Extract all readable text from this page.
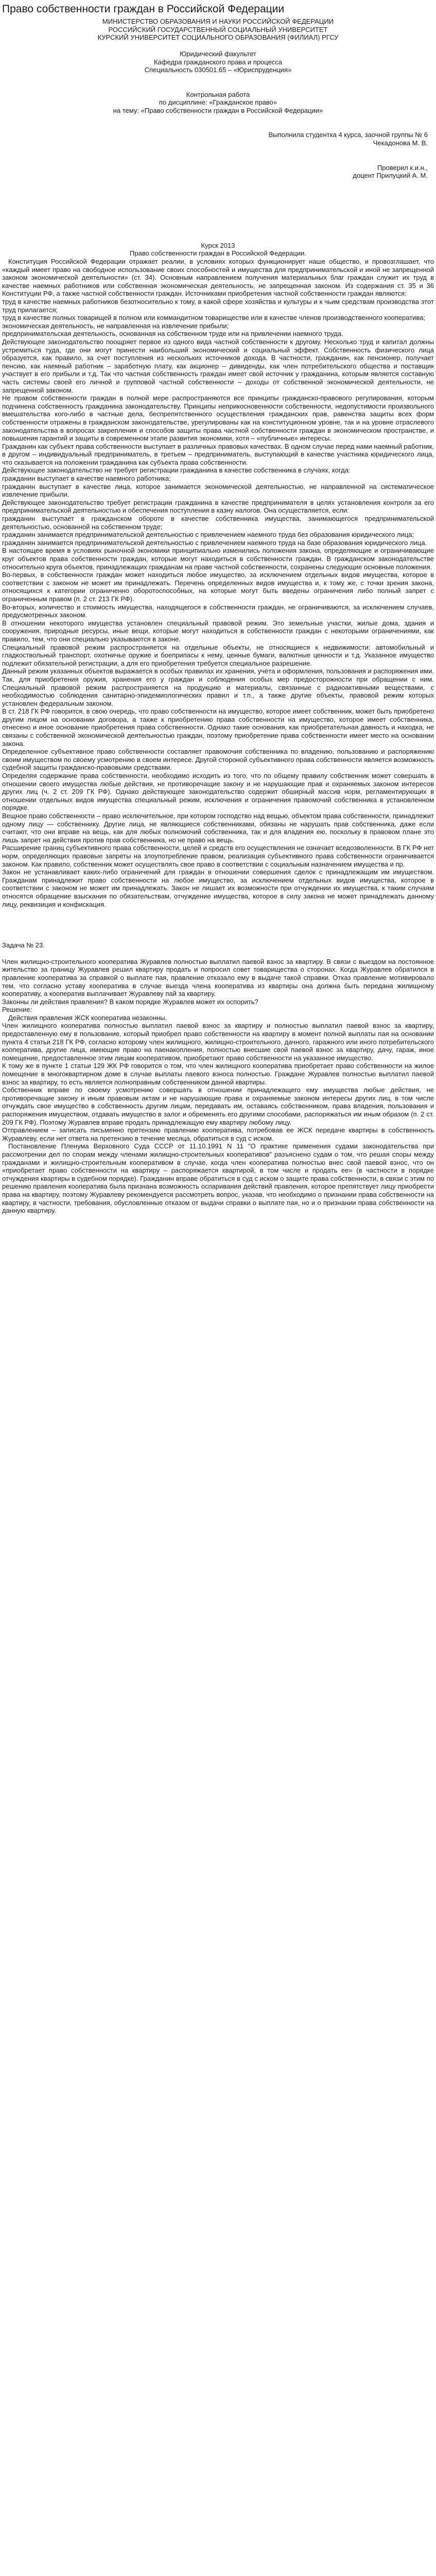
Право собственности граждан в Российской Федерации

МИНИСТЕРСТВО ОБРАЗОВАНИЯ И НАУКИ РОССИЙСКОЙ ФЕДЕРАЦИИ

РОССИЙСКИЙ ГОСУДАРСТВЕННЫЙ СОЦИАЛЬНЫЙ УНИВЕРСИТЕТ

КУРСКИЙ УНИВЕРСИТЕТ СОЦИАЛЬНОГО ОБРАЗОВАНИЯ (ФИЛИАЛ) РГСУ

Юридический факультет

Кафедра гражданского права и процесса

Специальность 030501.65 – «Юриспруденция»

Контрольная работа

по дисциплине: «Гражданское право»

на тему: «Право собственности граждан в Российской Федерации»

Выполнила студентка 4 курса, заочной группы № 6

Чекадонова М. В.

Проверил к.и.н.,

доцент Прилуцкий А. М.

Курск 2013

Право собственности граждан в Российской Федерации.

Конституция Российской Федерации отражает реалии, в условиях которых функционирует наше общество, и провозглашает, что «каждый имеет право на свободное использование своих способностей и имущества для предпринимательской и иной не запрещенной законом экономической деятельности» (ст. 34). Основным направлением получения материальных благ граждан служит их труд в качестве наемных работников или собственная экономическая деятельность, не запрещенная законом. Из содержания ст. 35 и 36 Конституции РФ, а также частной собственности граждан. Источниками приобретения частной собственности граждан являются:

труд в качестве наемных работников безотносительно к тому, в какой сфере хозяйства и культуры и к чьим средствам производства этот труд прилагается;

труд в качестве полных товарищей в полном или коммандитном товариществе или в качестве членов производственного кооператива;

экономическая деятельность, не направленная на извлечение прибыли;

предпринимательская деятельность, основанная на собственном труде или на привлечении наемного труда.

Действующее законодательство поощряет первое из одного вида частной собственности к другому. Несколько труд и капитал должны устремиться туда, где они могут принести наибольший экономический и социальный эффект. Собственность физического лица образуется, как правило, за счет поступления из нескольких источников дохода. В частности, гражданин, как пенсионер, получает пенсию, как наемный работник – заработную плату, как акционер – дивиденды, как член потребительского общества и поставщик участвует в его прибыли и т.д. Так что частная собственность граждан имеет свой источник у гражданина, которым является составную часть системы своей его личной и групповой частной собственности – доходы от собственной экономической деятельности, не запрещенной законом.

Не правом собственности граждан в полной мере распространяются все принципы гражданско-правового регулирования, которым подчинена собственность гражданина законодательству. Принципы неприкосновенности собственности, недопустимости произвольного вмешательства кого-либо в частные дела, беспрепятственного осуществления гражданских прав, равенства защиты всех форм собственности отражены в гражданском законодательстве, урегулированы как на конституционном уровне, так и на уровне отраслевого законодательства в вопросах закрепления и способов защиты права частной собственности граждан в экономическом пространстве, и повышения гарантий и защиты в современном этапе развития экономики, хотя – «публичные» интересы.

Гражданин как субъект права собственности выступает в различных правовых качествах. В одном случае перед нами наемный работник, в другом – индивидуальный предприниматель, в третьем – предприниматель, выступающий в качестве участника юридического лица, что сказывается на положении гражданина как субъекта права собственности.

Действующее законодательство не требует регистрации гражданина в качестве собственника в случаях, когда:

гражданин выступает в качестве наемного работника;

гражданин выступает в качестве лица, которое занимается экономической деятельностью, не направленной на систематическое извлечение прибыли.

Действующее законодательство требует регистрации гражданина в качестве предпринимателя в целях установления контроля за его предпринимательской деятельностью и обеспечения поступления в казну налогов. Она осуществляется, если:

гражданин выступает в гражданском обороте в качестве собственника имущества, занимающегося предпринимательской деятельностью, основанной на собственном труде;

гражданин занимается предпринимательской деятельностью с привлечением наемного труда без образования юридического лица;

гражданин занимается предпринимательской деятельностью с привлечением наемного труда на базе образования юридического лица.

В настоящее время в условиях рыночной экономики принципиально изменились положения закона, определяющие и ограничивающие круг объектов права собственности граждан, которые могут находиться в собственности граждан. В гражданском законодательстве относительно круга объектов, принадлежащих гражданам на праве частной собственности, сохранены следующие основные положения.

Во-первых, в собственности граждан может находиться любое имущество, за исключением отдельных видов имущества, которое в соответствии с законом не может им принадлежать. Перечень определенных видов имущества и, к тому же, с точки зрения закона, относящихся к категории ограниченно оборотоспособных, на которые могут быть введены ограничения либо полный запрет с ограниченным правом (п. 2 ст. 213 ГК РФ).

Во-вторых, количество и стоимость имущества, находящегося в собственности граждан, не ограничиваются, за исключением случаев, предусмотренных законом.

В отношении некоторого имущества установлен специальный правовой режим. Это земельные участки, жилые дома, здания и сооружения, природные ресурсы, иные вещи, которые могут находиться в собственности граждан с некоторыми ограничениями, как правило, тем, что они специально указываются в законе.

Специальный правовой режим распространяется на отдельные объекты, не относящиеся к недвижимости: автомобильный и гладкоствольный транспорт, охотничье оружие и боеприпасы к нему, ценные бумаги, валютные ценности и т.д. Указанное имущество подлежит обязательной регистрации, а для его приобретения требуется специальное разрешение.

Данный режим указанных объектов выражается в особых правилах их хранения, учёта и оформления, пользования и распоряжения ими. Так, для приобретения оружия, хранения его у граждан и соблюдения особых мер предосторожности при обращении с ним. Специальный правовой режим распространяется на продукцию и материалы, связанные с радиоактивными веществами, с необходимостью соблюдения санитарно-эпидемиологических правил и т.п., а также другие объекты, правовой режим которых установлен федеральным законом.

В ст. 218 ГК РФ говорится, в свою очередь, что право собственности на имущество, которое имеет собственник, может быть приобретено другим лицом на основании договора, а также к приобретению права собственности на имущество, которое имеет собственника, отнесено и иное основание приобретения права собственности. Однако такие основания, как приобретательная давность и находка, не связаны с собственной экономической деятельностью граждан, поэтому приобретение права собственности имеет место на основании закона.

Определенное субъективное право собственности составляет правомочия собственника по владению, пользованию и распоряжению своим имуществом по своему усмотрению в своем интересе. Другой стороной субъективного права собственности является возможность судебной защиты гражданско-правовыми средствами.

Определяя содержание права собственности, необходимо исходить из того, что по общему правилу собственник может совершать в отношении своего имущества любые действия, не противоречащие закону и не нарушающие прав и охраняемых законом интересов других лиц (ч. 2 ст. 209 ГК РФ). Однако действующее законодательство содержит обширный массив норм, регламентирующих в отношении отдельных видов имущества специальный режим, исключения и ограничения правомочий собственника в установленном порядке.

Вещное право собственности – право исключительное, при котором господство над вещью, объектом права собственности, принадлежит одному лицу — собственнику. Другие лица, не являющиеся собственниками, обязаны не нарушать прав собственника, даже если считают, что они вправе на вещь, как для любых полномочий собственника, так и для владения ею, поскольку в правовом плане это лишь запрет на действия против прав собственника, но не право на вещь.

Расширение границ субъективного права собственности, целей и средств его осуществления не означает вседозволенности. В ГК РФ нет норм, определяющих правовые запреты на злоупотребление правом, реализация субъективного права собственности ограничивается законом. Как правило, собственник может осуществлять свое право в соответствии с социальным назначением имущества и пр.

Закон не устанавливает каких-либо ограничений для граждан в отношении совершения сделок с принадлежащим им имуществом. Гражданам принадлежит право собственности на любое имущество, за исключением отдельных видов имущества, которое в соответствии с законом не может им принадлежать. Закон не лишает их возможности при отчуждении их имущества, к таким случаям относятся обращение взыскания по обязательствам, отчуждение имущества, которое в силу закона не может принадлежать данному лицу, реквизиция и конфискация.

Задача № 23.

Член жилищно-строительного кооператива Журавлев полностью выплатил паевой взнос за квартиру. В связи с выездом на постоянное жительство за границу Журавлев решил квартиру продать и попросил совет товарищества о сторонах. Когда Журавлев обратился в правление кооператива за справкой о выплате пая, правление отказало ему в выдаче такой справки. Отказ правление мотивировало тем, что согласно уставу кооператива в случае выезда члена кооператива из квартиры она должна быть передана жилищному кооперативу, а кооператив выплачивает Журавлеву пай за квартиру.

Законны ли действия правления? В каком порядке Журавлев может их оспорить?

Решение:

Действия правления ЖСК кооператива незаконны.

Член жилищного кооператива полностью выплатил паевой взнос за квартиру и полностью выплатил паевой взнос за квартиру, предоставленную ему в пользование, который приобрел право собственности на квартиру в момент полной выплаты пая на основании пункта 4 статьи 218 ГК РФ, согласно которому член жилищного, жилищно-строительного, дачного, гаражного или иного потребительского кооператива, другие лица, имеющие право на паенакопления, полностью внесшие свой паевой взнос за квартиру, дачу, гараж, иное помещение, предоставленное этим лицам кооперативом, приобретают право собственности на указанное имущество.

К тому же в пункте 1 статьи 129 ЖК РФ говорится о том, что член жилищного кооператива приобретает право собственности на жилое помещение в многоквартирном доме в случае выплаты паевого взноса полностью. Граждане Журавлев полностью выплатил паевой взнос за квартиру, то есть является полноправным собственником данной квартиры.

Собственник вправе по своему усмотрению совершать в отношении принадлежащего ему имущества любые действия, не противоречащие закону и иным правовым актам и не нарушающие права и охраняемые законом интересы других лиц, в том числе отчуждать свое имущество в собственность другим лицам, передавать им, оставаясь собственником, права владения, пользования и распоряжения имуществом, отдавать имущество в залог и обременять его другими способами, распоряжаться им иным образом (п. 2 ст. 209 ГК РФ). Поэтому Журавлев вправе продать принадлежащую ему квартиру любому лицу.

Отправлением – записать письменно претензию правлению кооператива, потребовав ее ЖСК передаче квартиры в собственность Журавлеву, если нет ответа на претензию в течение месяца, обратиться в суд с иском.

Постановление Пленума Верховного Суда СССР от 11.10.1991 N 11 "О практике применения судами законодательства при рассмотрении дел по спорам между членами жилищно-строительных кооперативов" разъяснено судам о том, что решая споры между гражданами и жилищно-строительным кооперативом в случае, когда член кооператива полностью внес свой паевой взнос, что он «приобретает право собственности на квартиру – распоряжается квартирой, в том числе и продать ее» (в частности в порядке отчуждения квартиры в судебном порядке). Гражданин вправе обратиться в суд с иском о защите права собственности, в связи с этим по решению правления кооператива была признана возможность оспаривания действий правления, которое препятствует лицу приобрести права на квартиру, поэтому Журавлеву рекомендуется рассмотреть вопрос, указав, что необходимо о признании права собственности на квартиру, в частности, требования, обусловленные отказом от выдачи справки о выплате пая, но и о признании права собственности на данную квартиру.
